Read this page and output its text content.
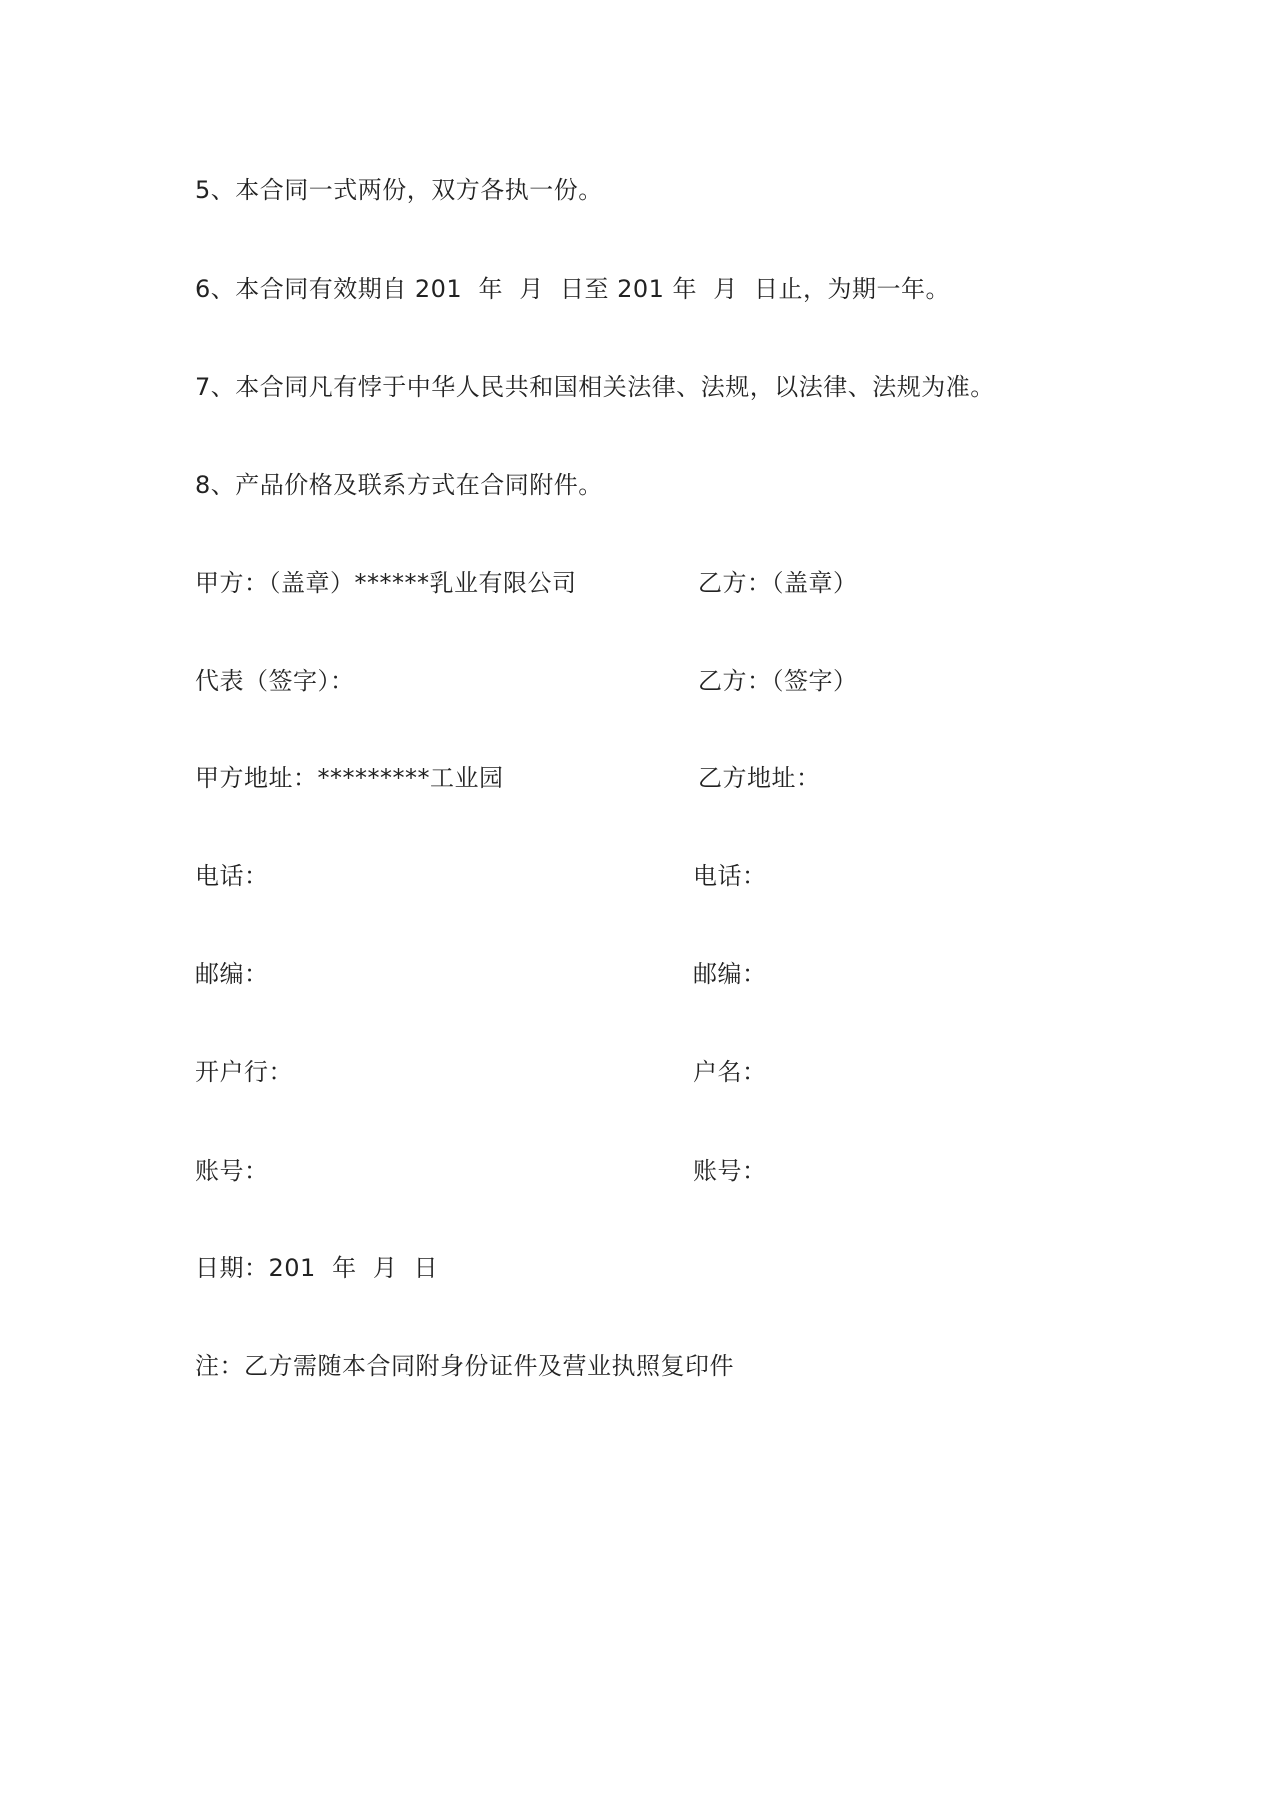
5、本合同一式两份，双方各执一份。
6、本合同有效期自 201  年  月  日至 201 年  月  日止，为期一年。
7、本合同凡有悖于中华人民共和国相关法律、法规，以法律、法规为准。
8、产品价格及联系方式在合同附件。
甲方：（盖章）******乳业有限公司	乙方：（盖章）
代表（签字）：	乙方：（签字）
甲方地址：*********工业园	乙方地址：
电话：	电话：
邮编：	邮编：
开户行：	户名：
账号：	账号：
日期：201  年  月  日
注：乙方需随本合同附身份证件及营业执照复印件
